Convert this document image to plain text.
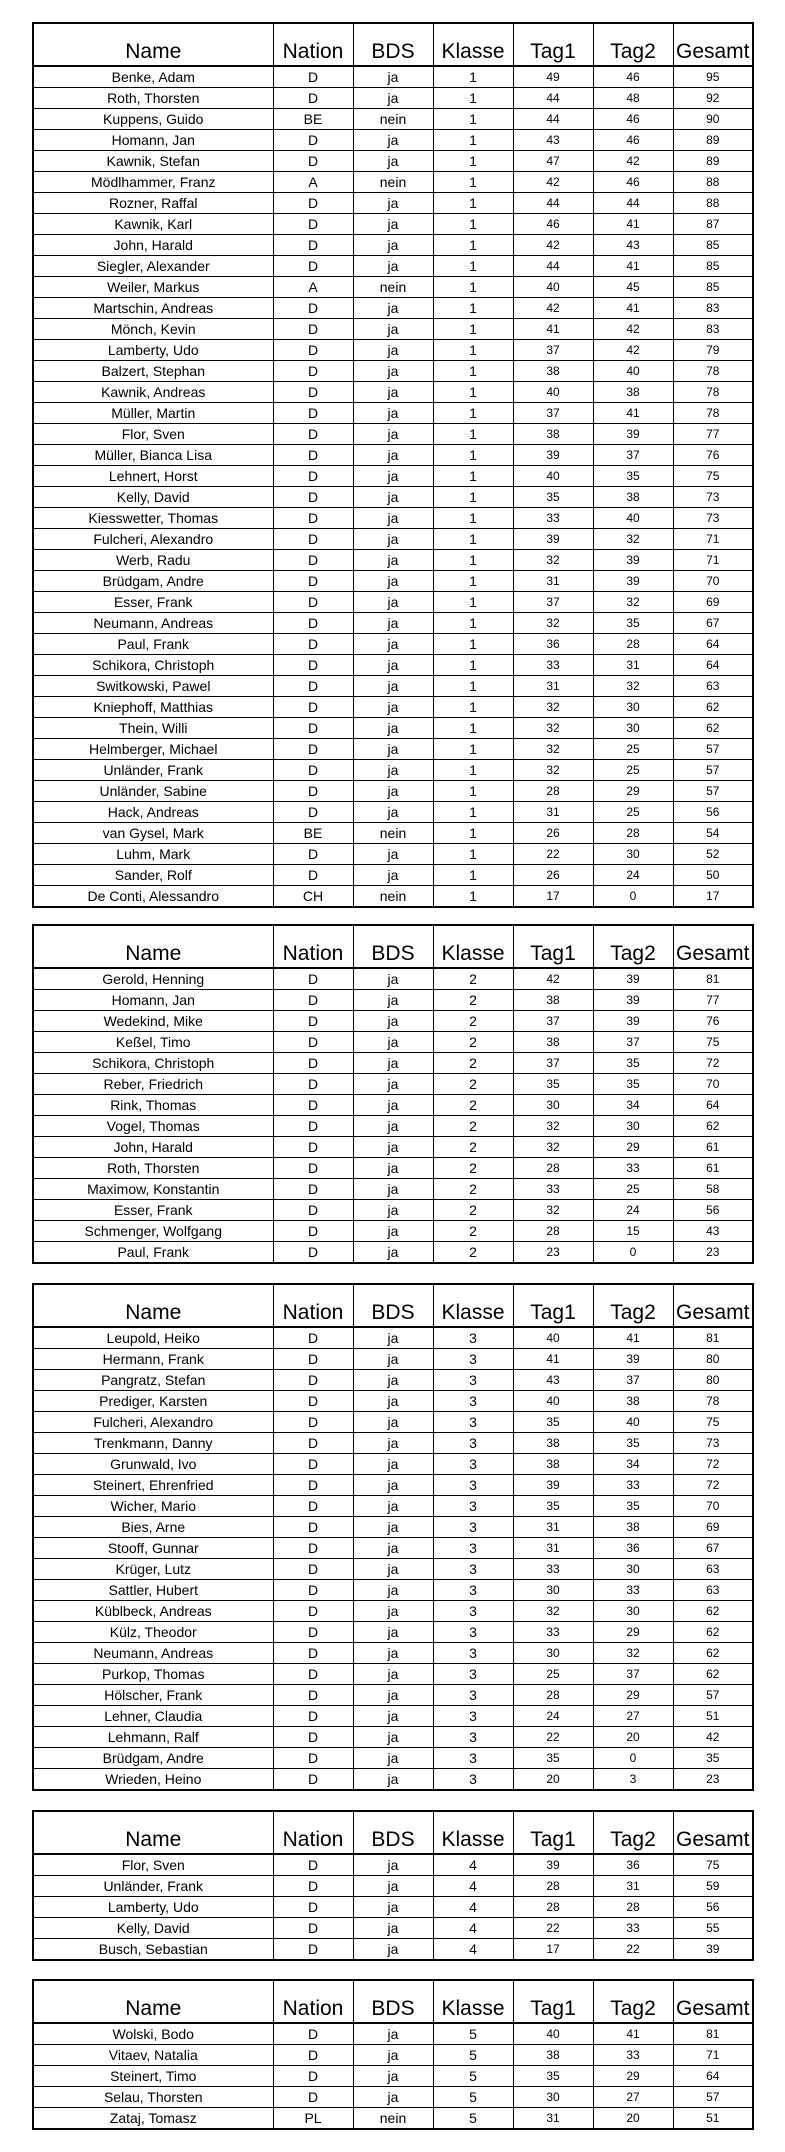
Name	Nation	BDS	Klasse	Tag1	Tag2	Gesamt
Benke, Adam	D	ja	1	49	46	95
Roth, Thorsten	D	ja	1	44	48	92
Kuppens, Guido	BE	nein	1	44	46	90
Homann, Jan	D	ja	1	43	46	89
Kawnik, Stefan	D	ja	1	47	42	89
Mödlhammer, Franz	A	nein	1	42	46	88
Rozner, Raffal	D	ja	1	44	44	88
Kawnik, Karl	D	ja	1	46	41	87
John, Harald	D	ja	1	42	43	85
Siegler, Alexander	D	ja	1	44	41	85
Weiler, Markus	A	nein	1	40	45	85
Martschin, Andreas	D	ja	1	42	41	83
Mönch, Kevin	D	ja	1	41	42	83
Lamberty, Udo	D	ja	1	37	42	79
Balzert, Stephan	D	ja	1	38	40	78
Kawnik, Andreas	D	ja	1	40	38	78
Müller, Martin	D	ja	1	37	41	78
Flor, Sven	D	ja	1	38	39	77
Müller, Bianca Lisa	D	ja	1	39	37	76
Lehnert, Horst	D	ja	1	40	35	75
Kelly, David	D	ja	1	35	38	73
Kiesswetter, Thomas	D	ja	1	33	40	73
Fulcheri, Alexandro	D	ja	1	39	32	71
Werb, Radu	D	ja	1	32	39	71
Brüdgam, Andre	D	ja	1	31	39	70
Esser, Frank	D	ja	1	37	32	69
Neumann, Andreas	D	ja	1	32	35	67
Paul, Frank	D	ja	1	36	28	64
Schikora, Christoph	D	ja	1	33	31	64
Switkowski, Pawel	D	ja	1	31	32	63
Kniephoff, Matthias	D	ja	1	32	30	62
Thein, Willi	D	ja	1	32	30	62
Helmberger, Michael	D	ja	1	32	25	57
Unländer, Frank	D	ja	1	32	25	57
Unländer, Sabine	D	ja	1	28	29	57
Hack, Andreas	D	ja	1	31	25	56
van Gysel, Mark	BE	nein	1	26	28	54
Luhm, Mark	D	ja	1	22	30	52
Sander, Rolf	D	ja	1	26	24	50
De Conti, Alessandro	CH	nein	1	17	0	17
Name	Nation	BDS	Klasse	Tag1	Tag2	Gesamt
Gerold, Henning	D	ja	2	42	39	81
Homann, Jan	D	ja	2	38	39	77
Wedekind, Mike	D	ja	2	37	39	76
Keßel, Timo	D	ja	2	38	37	75
Schikora, Christoph	D	ja	2	37	35	72
Reber, Friedrich	D	ja	2	35	35	70
Rink, Thomas	D	ja	2	30	34	64
Vogel, Thomas	D	ja	2	32	30	62
John, Harald	D	ja	2	32	29	61
Roth, Thorsten	D	ja	2	28	33	61
Maximow, Konstantin	D	ja	2	33	25	58
Esser, Frank	D	ja	2	32	24	56
Schmenger, Wolfgang	D	ja	2	28	15	43
Paul, Frank	D	ja	2	23	0	23
Name	Nation	BDS	Klasse	Tag1	Tag2	Gesamt
Leupold, Heiko	D	ja	3	40	41	81
Hermann, Frank	D	ja	3	41	39	80
Pangratz, Stefan	D	ja	3	43	37	80
Prediger, Karsten	D	ja	3	40	38	78
Fulcheri, Alexandro	D	ja	3	35	40	75
Trenkmann, Danny	D	ja	3	38	35	73
Grunwald, Ivo	D	ja	3	38	34	72
Steinert, Ehrenfried	D	ja	3	39	33	72
Wicher, Mario	D	ja	3	35	35	70
Bies, Arne	D	ja	3	31	38	69
Stooff, Gunnar	D	ja	3	31	36	67
Krüger, Lutz	D	ja	3	33	30	63
Sattler, Hubert	D	ja	3	30	33	63
Küblbeck, Andreas	D	ja	3	32	30	62
Külz, Theodor	D	ja	3	33	29	62
Neumann, Andreas	D	ja	3	30	32	62
Purkop, Thomas	D	ja	3	25	37	62
Hölscher, Frank	D	ja	3	28	29	57
Lehner, Claudia	D	ja	3	24	27	51
Lehmann, Ralf	D	ja	3	22	20	42
Brüdgam, Andre	D	ja	3	35	0	35
Wrieden, Heino	D	ja	3	20	3	23
Name	Nation	BDS	Klasse	Tag1	Tag2	Gesamt
Flor, Sven	D	ja	4	39	36	75
Unländer, Frank	D	ja	4	28	31	59
Lamberty, Udo	D	ja	4	28	28	56
Kelly, David	D	ja	4	22	33	55
Busch, Sebastian	D	ja	4	17	22	39
Name	Nation	BDS	Klasse	Tag1	Tag2	Gesamt
Wolski, Bodo	D	ja	5	40	41	81
Vitaev, Natalia	D	ja	5	38	33	71
Steinert, Timo	D	ja	5	35	29	64
Selau, Thorsten	D	ja	5	30	27	57
Zataj, Tomasz	PL	nein	5	31	20	51
